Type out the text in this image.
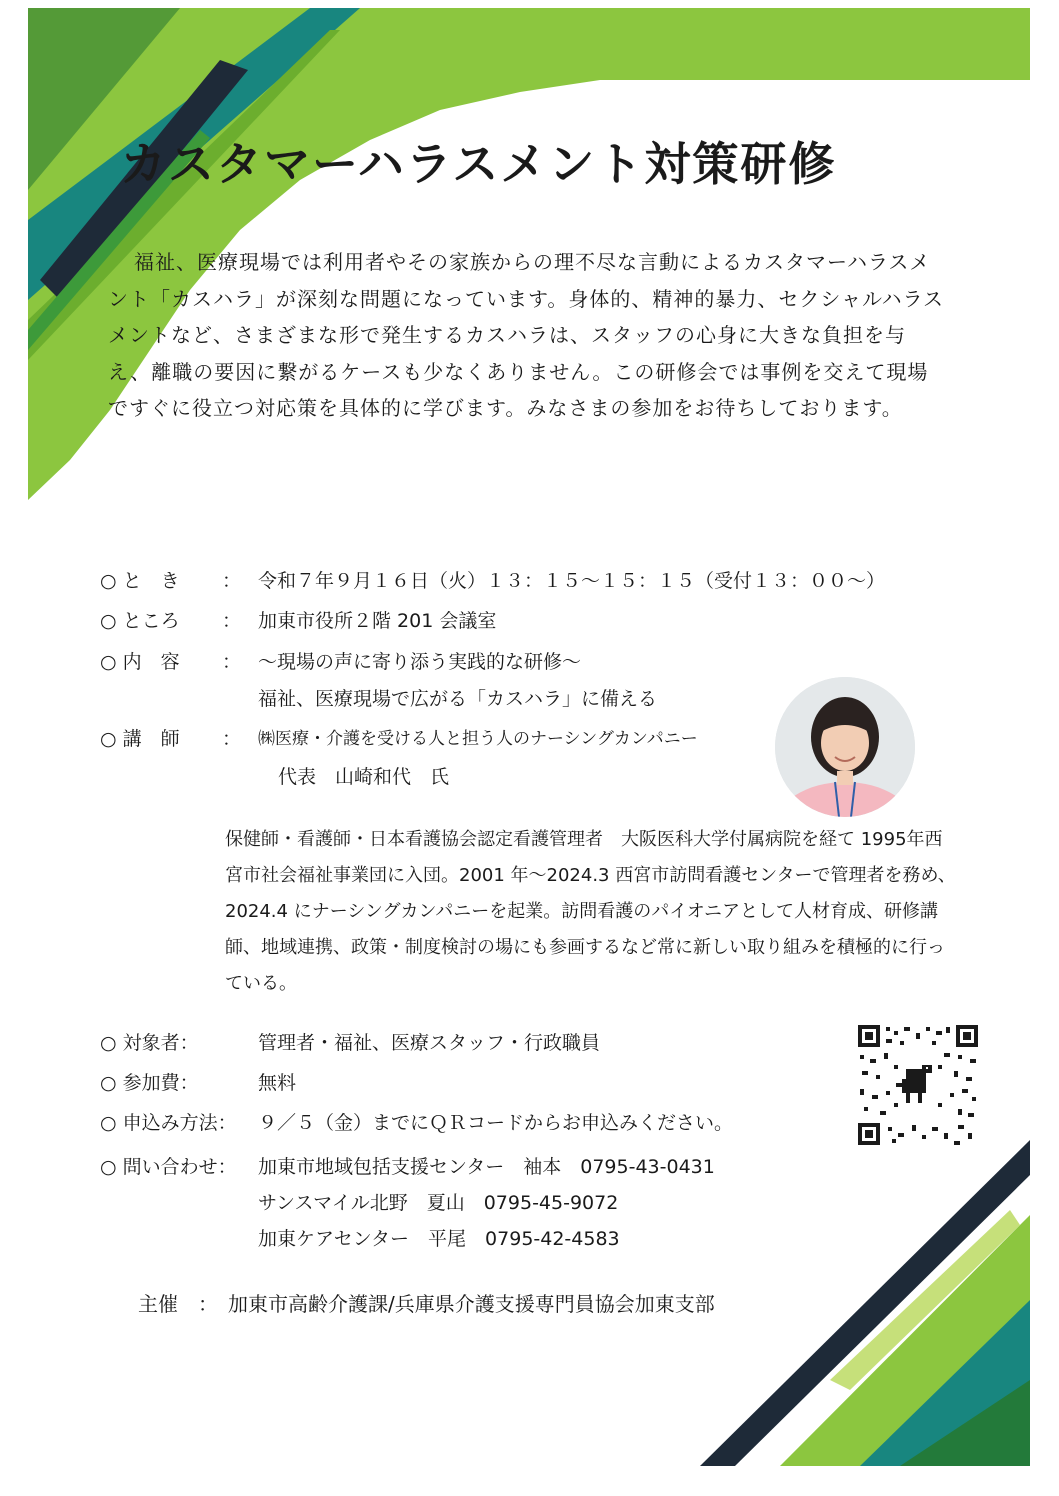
カスタマーハラスメント対策研修

福祉、医療現場では利用者やその家族からの理不尽な言動によるカスタマーハラスメント「カスハラ」が深刻な問題になっています。身体的、精神的暴力、セクシャルハラスメントなど、さまざまな形で発生するカスハラは、スタッフの心身に大きな負担を与え、離職の要因に繋がるケースも少なくありません。この研修会では事例を交えて現場ですぐに役立つ対応策を具体的に学びます。みなさまの参加をお待ちしております。

○ と　き ： 令和７年９月１６日（火）１３：１５～１５：１５（受付１３：００～）
○ ところ ： 加東市役所２階 201 会議室
○ 内　容 ： ～現場の声に寄り添う実践的な研修～
福祉、医療現場で広がる「カスハラ」に備える
○ 講　師 ： ㈱医療・介護を受ける人と担う人のナーシングカンパニー
代表　山崎和代　氏

保健師・看護師・日本看護協会認定看護管理者　大阪医科大学付属病院を経て 1995年西宮市社会福祉事業団に入団。2001 年～2024.3 西宮市訪問看護センターで管理者を務め、2024.4 にナーシングカンパニーを起業。訪問看護のパイオニアとして人材育成、研修講師、地域連携、政策・制度検討の場にも参画するなど常に新しい取り組みを積極的に行っている。

○ 対象者：	管理者・福祉、医療スタッフ・行政職員
○ 参加費：	無料
○ 申込み方法： ９／５（金）までにＱＲコードからお申込みください。
○ 問い合わせ： 加東市地域包括支援センター　袖本　0795-43-0431
サンスマイル北野　夏山　0795-45-9072
加東ケアセンター　平尾　0795-42-4583
主催　：　加東市高齢介護課/兵庫県介護支援専門員協会加東支部
